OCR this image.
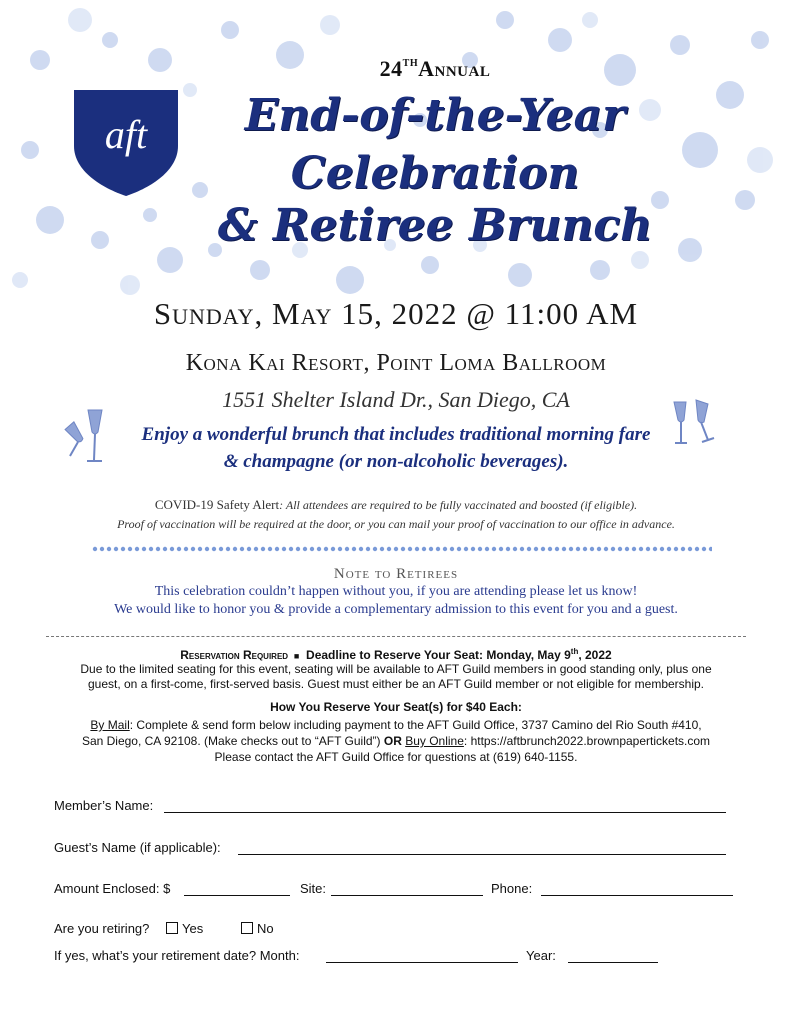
aft
24THAnnual
End-of-the-Year
Celebration
& Retiree Brunch
Sunday, May 15, 2022 @ 11:00 AM
Kona Kai Resort, Point Loma Ballroom
1551 Shelter Island Dr., San Diego, CA
Enjoy a wonderful brunch that includes traditional morning fare
& champagne (or non-alcoholic beverages).
COVID-19 Safety Alert: All attendees are required to be fully vaccinated and boosted (if eligible).
Proof of vaccination will be required at the door, or you can mail your proof of vaccination to our office in advance.
Note to Retirees
This celebration couldn’t happen without you, if you are attending please let us know!
We would like to honor you & provide a complementary admission to this event for you and a guest.
Reservation Required ■ Deadline to Reserve Your Seat: Monday, May 9th, 2022
Due to the limited seating for this event, seating will be available to AFT Guild members in good standing only, plus one
guest, on a first-come, first-served basis. Guest must either be an AFT Guild member or not eligible for membership.
How You Reserve Your Seat(s) for $40 Each:
By Mail: Complete & send form below including payment to the AFT Guild Office, 3737 Camino del Rio South #410,
San Diego, CA 92108. (Make checks out to “AFT Guild”) OR Buy Online: https://aftbrunch2022.brownpapertickets.com
Please contact the AFT Guild Office for questions at (619) 640-1155.
Member’s Name:
Guest’s Name (if applicable):
Amount Enclosed: $	Site:	Phone:
Are you retiring?	Yes	No
If yes, what’s your retirement date? Month:	Year:
